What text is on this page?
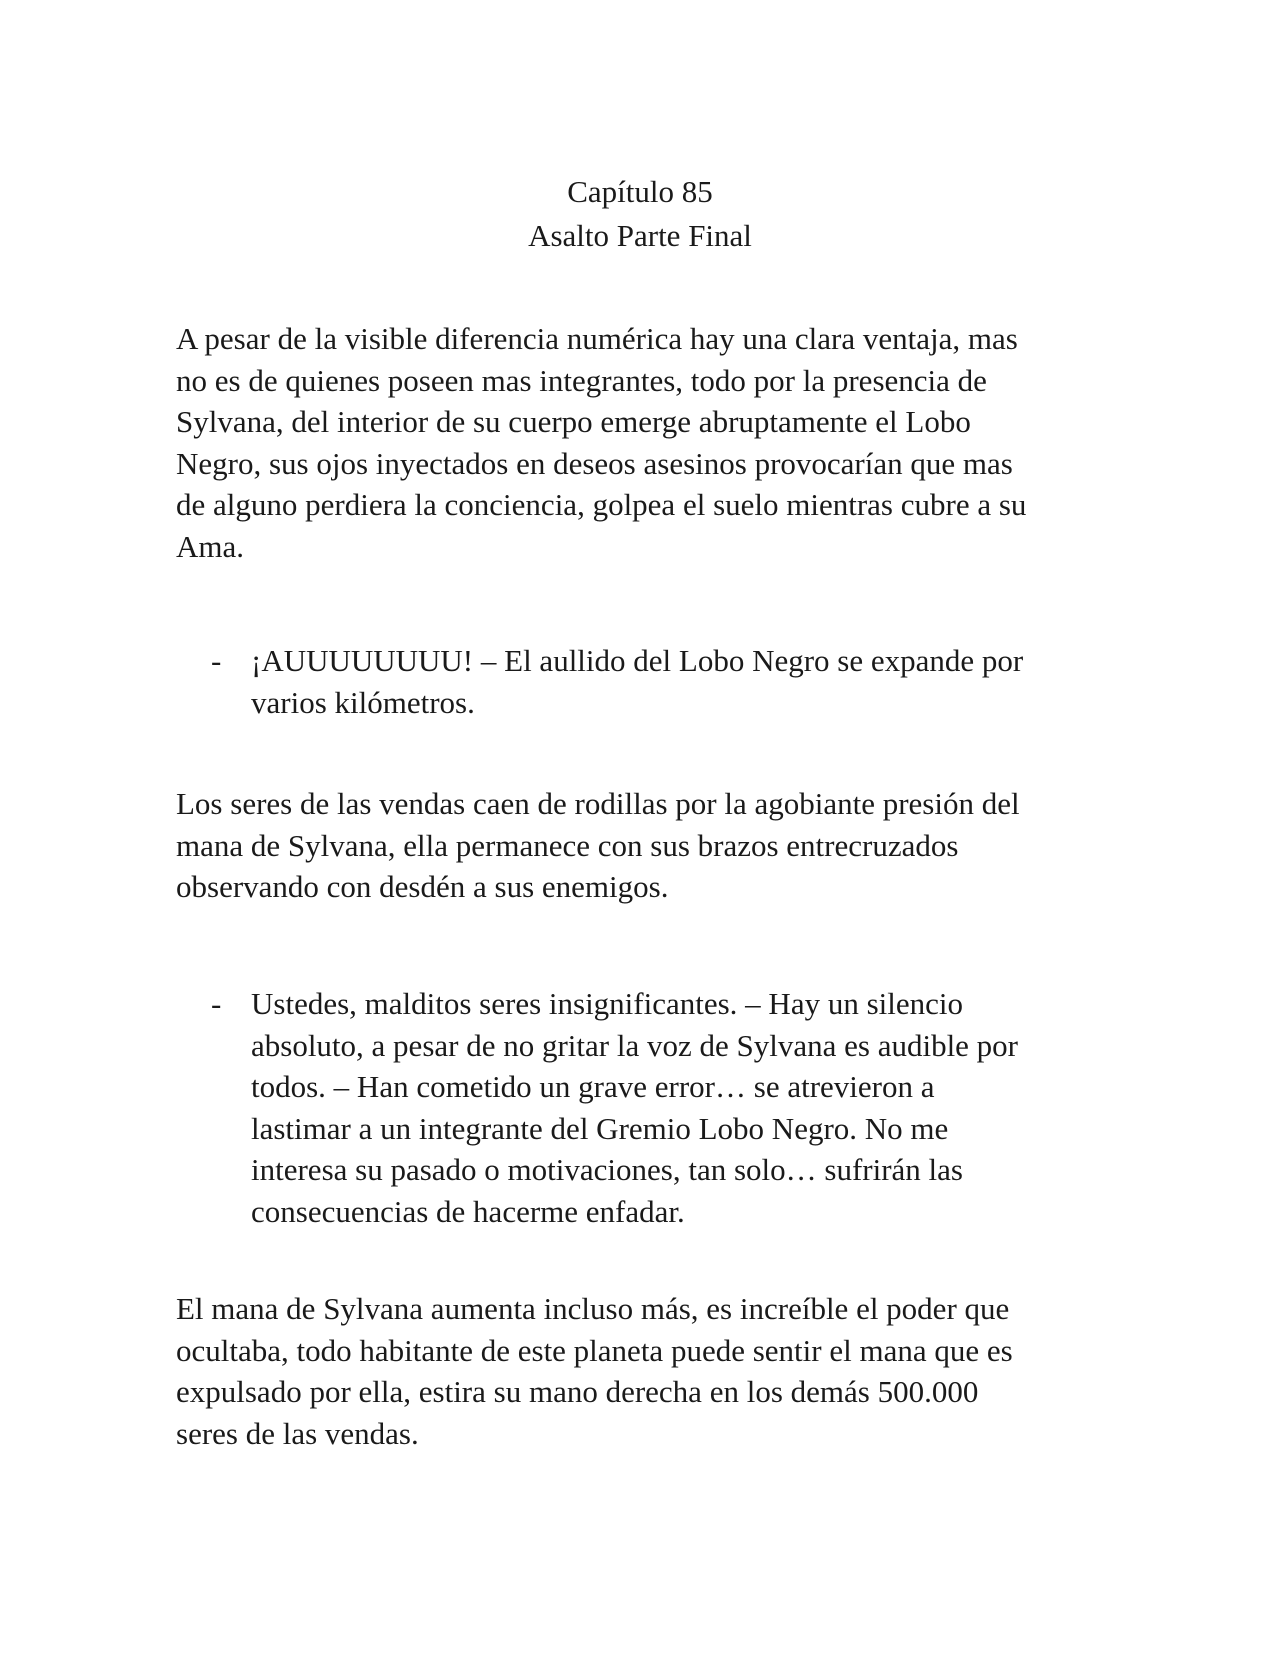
Capítulo 85
Asalto Parte Final
A pesar de la visible diferencia numérica hay una clara ventaja, mas
no es de quienes poseen mas integrantes, todo por la presencia de
Sylvana, del interior de su cuerpo emerge abruptamente el Lobo
Negro, sus ojos inyectados en deseos asesinos provocarían que mas
de alguno perdiera la conciencia, golpea el suelo mientras cubre a su
Ama.
- ¡AUUUUUUUU! – El aullido del Lobo Negro se expande por
varios kilómetros.
Los seres de las vendas caen de rodillas por la agobiante presión del
mana de Sylvana, ella permanece con sus brazos entrecruzados
observando con desdén a sus enemigos.
- Ustedes, malditos seres insignificantes. – Hay un silencio
absoluto, a pesar de no gritar la voz de Sylvana es audible por
todos. – Han cometido un grave error… se atrevieron a
lastimar a un integrante del Gremio Lobo Negro. No me
interesa su pasado o motivaciones, tan solo… sufrirán las
consecuencias de hacerme enfadar.
El mana de Sylvana aumenta incluso más, es increíble el poder que
ocultaba, todo habitante de este planeta puede sentir el mana que es
expulsado por ella, estira su mano derecha en los demás 500.000
seres de las vendas.
